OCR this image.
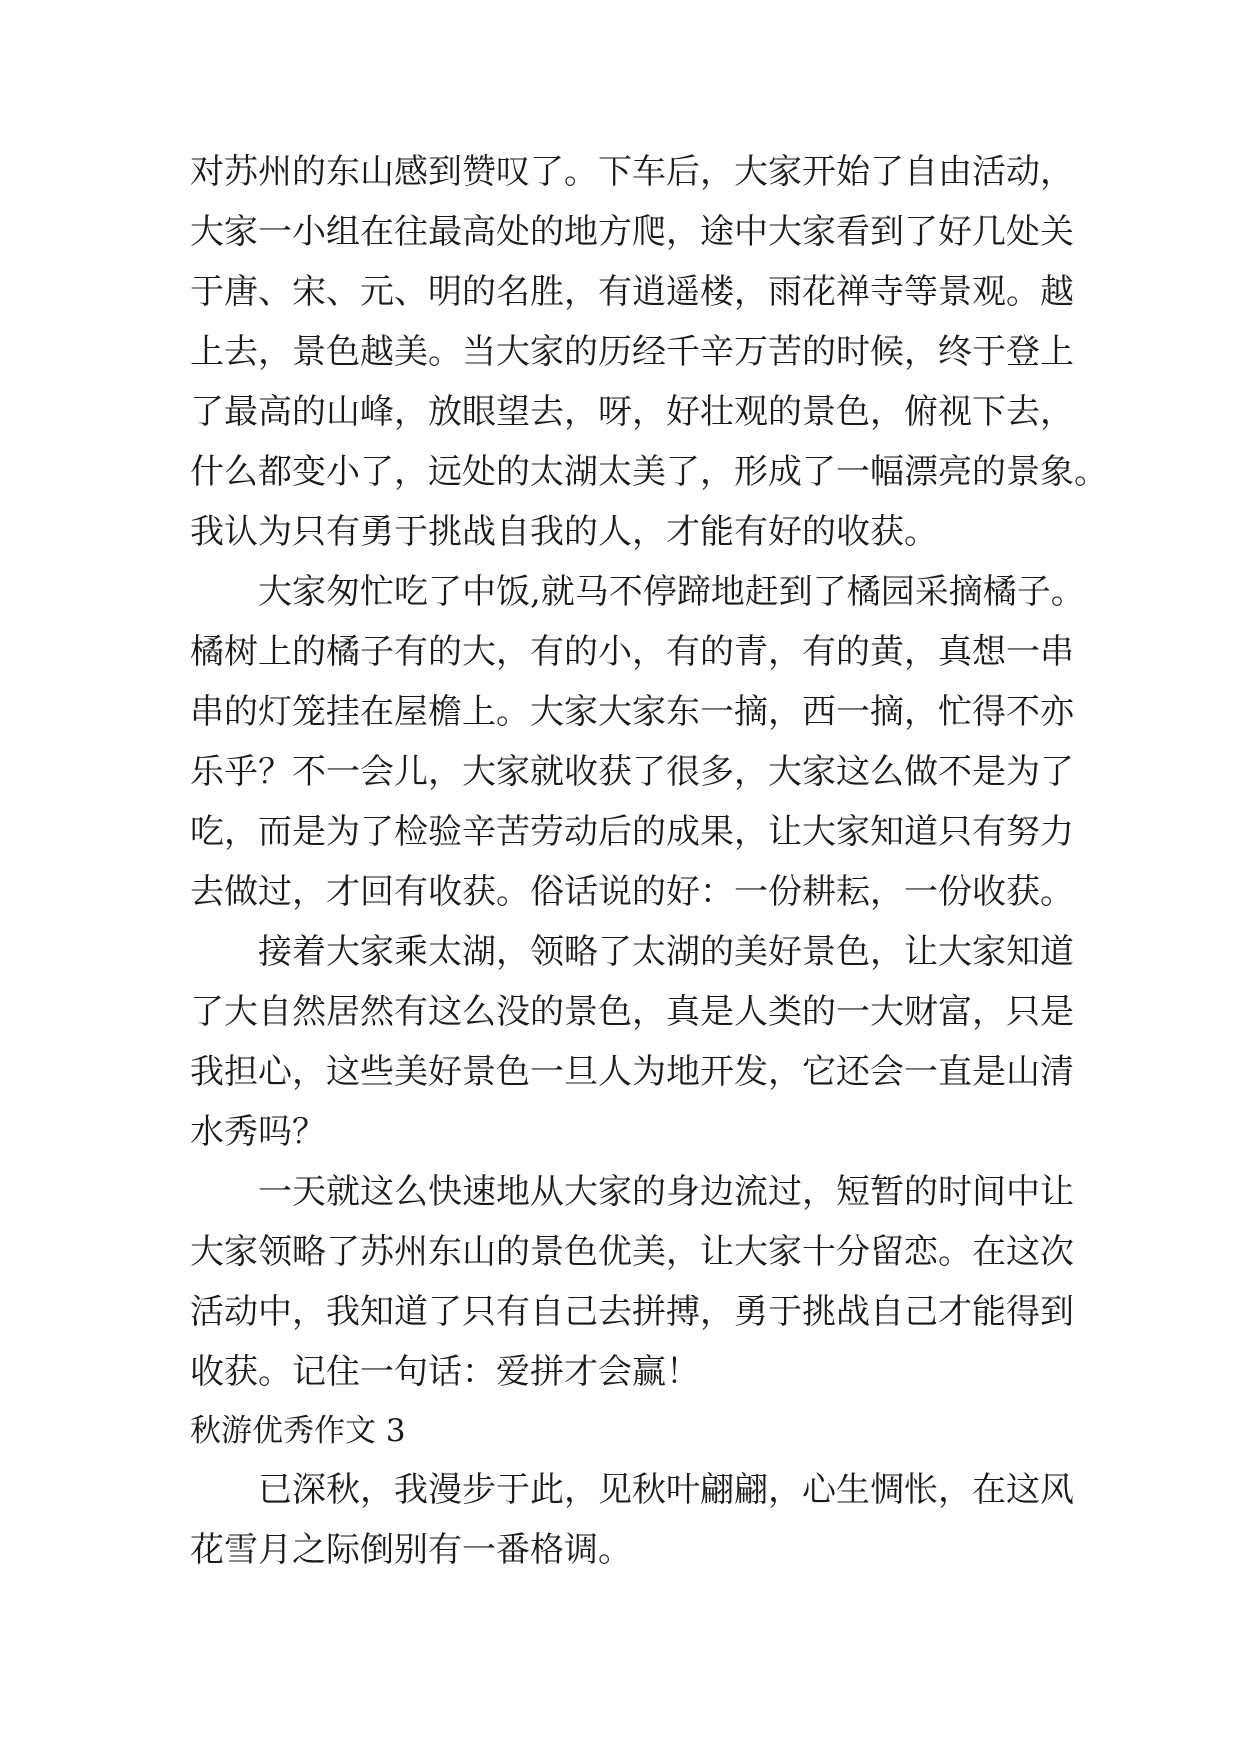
对苏州的东山感到赞叹了。下车后，大家开始了自由活动，
大家一小组在往最高处的地方爬，途中大家看到了好几处关
于唐、宋、元、明的名胜，有逍遥楼，雨花禅寺等景观。越
上去，景色越美。当大家的历经千辛万苦的时候，终于登上
了最高的山峰，放眼望去，呀，好壮观的景色，俯视下去，
什么都变小了，远处的太湖太美了，形成了一幅漂亮的景象。
我认为只有勇于挑战自我的人，才能有好的收获。
大家匆忙吃了中饭,就马不停蹄地赶到了橘园采摘橘子。
橘树上的橘子有的大，有的小，有的青，有的黄，真想一串
串的灯笼挂在屋檐上。大家大家东一摘，西一摘，忙得不亦
乐乎？不一会儿，大家就收获了很多，大家这么做不是为了
吃，而是为了检验辛苦劳动后的成果，让大家知道只有努力
去做过，才回有收获。俗话说的好：一份耕耘，一份收获。
接着大家乘太湖，领略了太湖的美好景色，让大家知道
了大自然居然有这么没的景色，真是人类的一大财富，只是
我担心，这些美好景色一旦人为地开发，它还会一直是山清
水秀吗？
一天就这么快速地从大家的身边流过，短暂的时间中让
大家领略了苏州东山的景色优美，让大家十分留恋。在这次
活动中，我知道了只有自己去拼搏，勇于挑战自己才能得到
收获。记住一句话：爱拼才会赢！
秋游优秀作文 3
已深秋，我漫步于此，见秋叶翩翩，心生惆怅，在这风
花雪月之际倒别有一番格调。
